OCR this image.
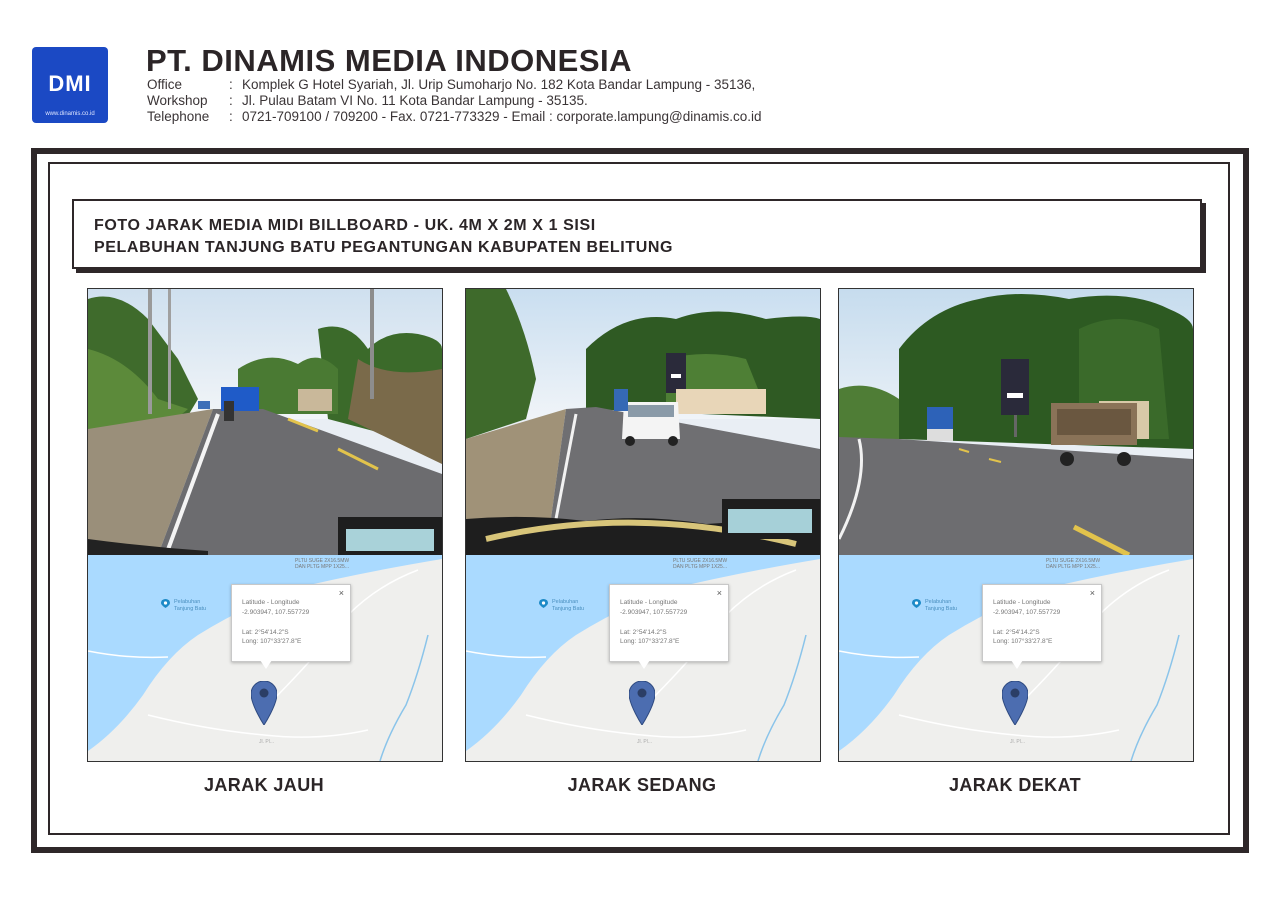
DMI
www.dinamis.co.id
PT. DINAMIS MEDIA INDONESIA
Office	: Komplek G Hotel Syariah, Jl. Urip Sumoharjo No. 182 Kota Bandar Lampung - 35136,
Workshop : Jl. Pulau Batam VI No. 11 Kota Bandar Lampung - 35135.
Telephone : 0721-709100 / 709200 - Fax. 0721-773329 - Email : corporate.lampung@dinamis.co.id
FOTO JARAK MEDIA MIDI BILLBOARD - UK. 4M X 2M X 1 SISI
PELABUHAN TANJUNG BATU PEGANTUNGAN KABUPATEN BELITUNG
Pelabuhan
Tanjung Batu
PLTU SUGE 2X16.5MW
DAN PLTG MPP 1X25...
×
Latitude - Longitude
-2.903947, 107.557729
Lat: 2°54'14.2"S
Long: 107°33'27.8"E
Jl. Pl...
Pelabuhan
Tanjung Batu
PLTU SUGE 2X16.5MW
DAN PLTG MPP 1X25...
×
Latitude - Longitude
-2.903947, 107.557729
Lat: 2°54'14.2"S
Long: 107°33'27.8"E
Jl. Pl...
Pelabuhan
Tanjung Batu
PLTU SUGE 2X16.5MW
DAN PLTG MPP 1X25...
×
Latitude - Longitude
-2.903947, 107.557729
Lat: 2°54'14.2"S
Long: 107°33'27.8"E
Jl. Pl...
JARAK JAUH	JARAK SEDANG	JARAK DEKAT
